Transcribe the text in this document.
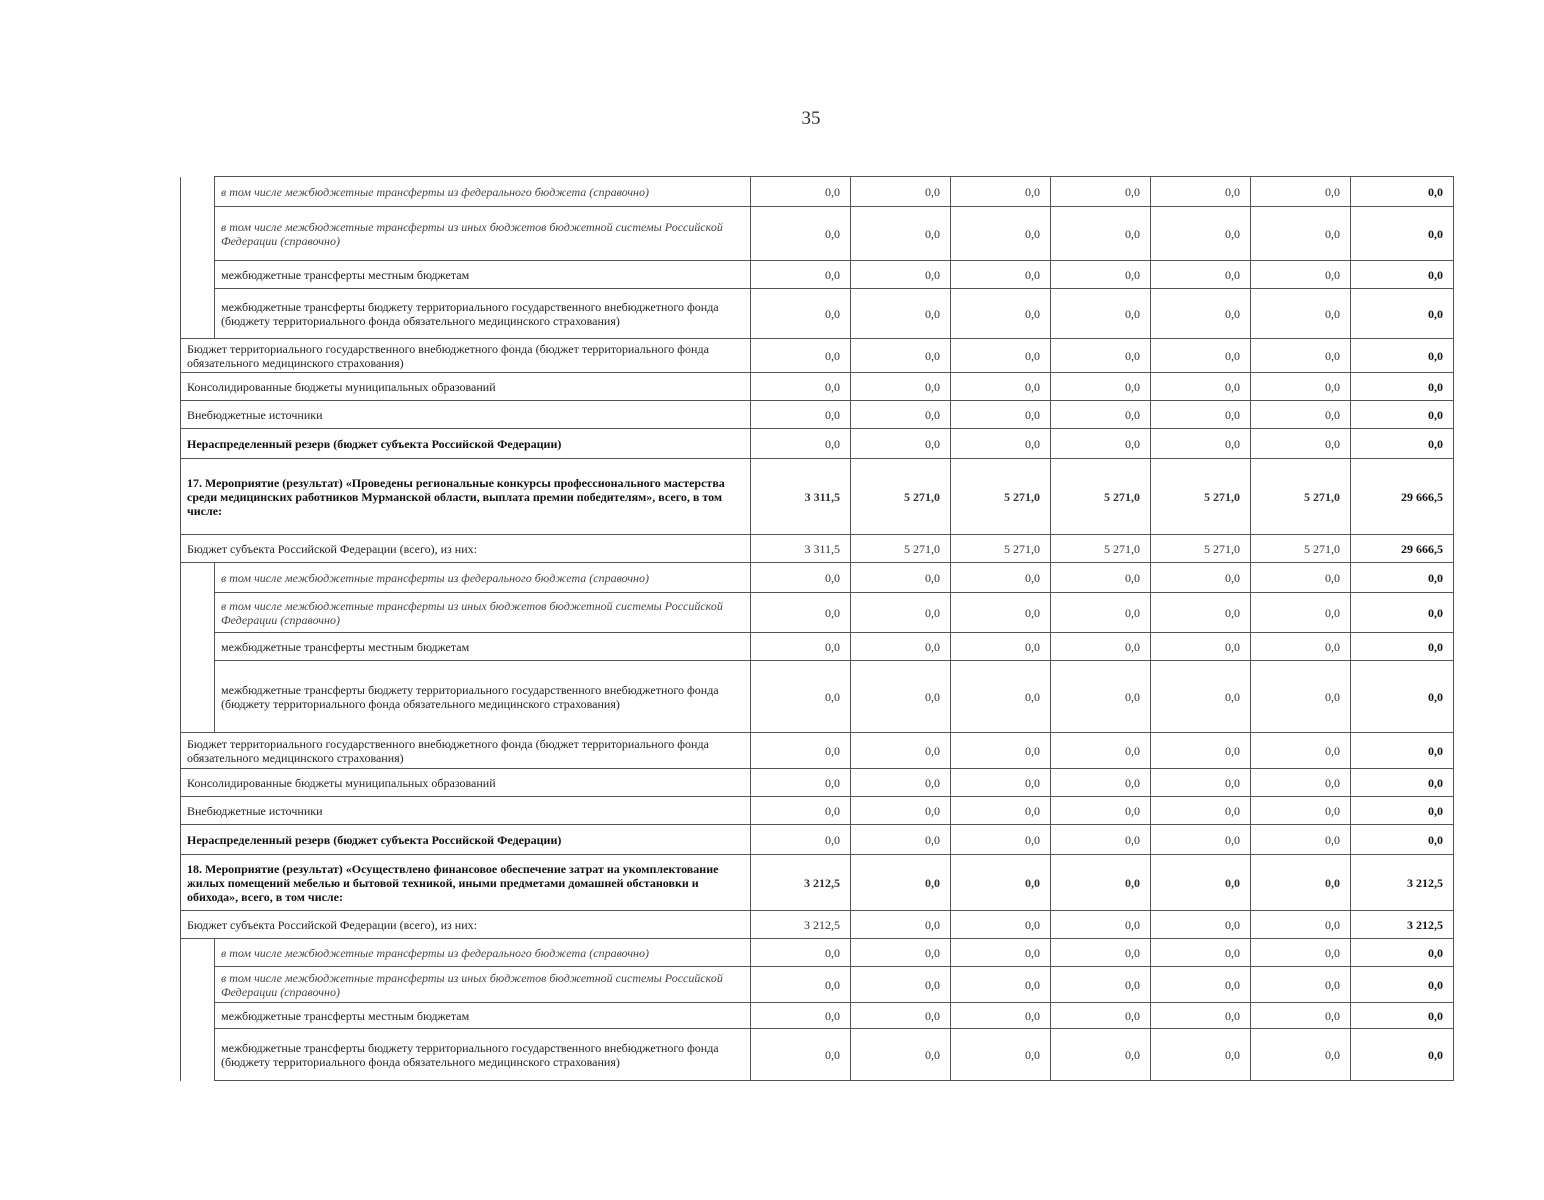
35

	в том числе межбюджетные трансферты из федерального бюджета (справочно)	0,0	0,0	0,0	0,0	0,0	0,0	0,0

	в том числе межбюджетные трансферты из иных бюджетов бюджетной системы Российской Федерации (справочно)	0,0	0,0	0,0	0,0	0,0	0,0	0,0

	межбюджетные трансферты местным бюджетам	0,0	0,0	0,0	0,0	0,0	0,0	0,0

	межбюджетные трансферты бюджету территориального государственного внебюджетного фонда (бюджету территориального фонда обязательного медицинского страхования)	0,0	0,0	0,0	0,0	0,0	0,0	0,0

Бюджет территориального государственного внебюджетного фонда (бюджет территориального фонда обязательного медицинского страхования)		0,0	0,0	0,0	0,0	0,0	0,0	0,0

Консолидированные бюджеты муниципальных образований		0,0	0,0	0,0	0,0	0,0	0,0	0,0

Внебюджетные источники		0,0	0,0	0,0	0,0	0,0	0,0	0,0

Нераспределенный резерв (бюджет субъекта Российской Федерации)		0,0	0,0	0,0	0,0	0,0	0,0	0,0

17. Мероприятие (результат) «Проведены региональные конкурсы профессионального мастерства среди медицинских работников Мурманской области, выплата премии победителям», всего, в том числе:		3 311,5	5 271,0	5 271,0	5 271,0	5 271,0	5 271,0	29 666,5

Бюджет субъекта Российской Федерации (всего), из них:		3 311,5	5 271,0	5 271,0	5 271,0	5 271,0	5 271,0	29 666,5

	в том числе межбюджетные трансферты из федерального бюджета (справочно)	0,0	0,0	0,0	0,0	0,0	0,0	0,0

	в том числе межбюджетные трансферты из иных бюджетов бюджетной системы Российской Федерации (справочно)	0,0	0,0	0,0	0,0	0,0	0,0	0,0

	межбюджетные трансферты местным бюджетам	0,0	0,0	0,0	0,0	0,0	0,0	0,0

	межбюджетные трансферты бюджету территориального государственного внебюджетного фонда (бюджету территориального фонда обязательного медицинского страхования)	0,0	0,0	0,0	0,0	0,0	0,0	0,0

Бюджет территориального государственного внебюджетного фонда (бюджет территориального фонда обязательного медицинского страхования)		0,0	0,0	0,0	0,0	0,0	0,0	0,0

Консолидированные бюджеты муниципальных образований		0,0	0,0	0,0	0,0	0,0	0,0	0,0

Внебюджетные источники		0,0	0,0	0,0	0,0	0,0	0,0	0,0

Нераспределенный резерв (бюджет субъекта Российской Федерации)		0,0	0,0	0,0	0,0	0,0	0,0	0,0

18. Мероприятие (результат) «Осуществлено финансовое обеспечение затрат на укомплектование жилых помещений мебелью и бытовой техникой, иными предметами домашней обстановки и обихода», всего, в том числе:		3 212,5	0,0	0,0	0,0	0,0	0,0	3 212,5

Бюджет субъекта Российской Федерации (всего), из них:		3 212,5	0,0	0,0	0,0	0,0	0,0	3 212,5

	в том числе межбюджетные трансферты из федерального бюджета (справочно)	0,0	0,0	0,0	0,0	0,0	0,0	0,0

	в том числе межбюджетные трансферты из иных бюджетов бюджетной системы Российской Федерации (справочно)	0,0	0,0	0,0	0,0	0,0	0,0	0,0

	межбюджетные трансферты местным бюджетам	0,0	0,0	0,0	0,0	0,0	0,0	0,0

	межбюджетные трансферты бюджету территориального государственного внебюджетного фонда (бюджету территориального фонда обязательного медицинского страхования)	0,0	0,0	0,0	0,0	0,0	0,0	0,0
